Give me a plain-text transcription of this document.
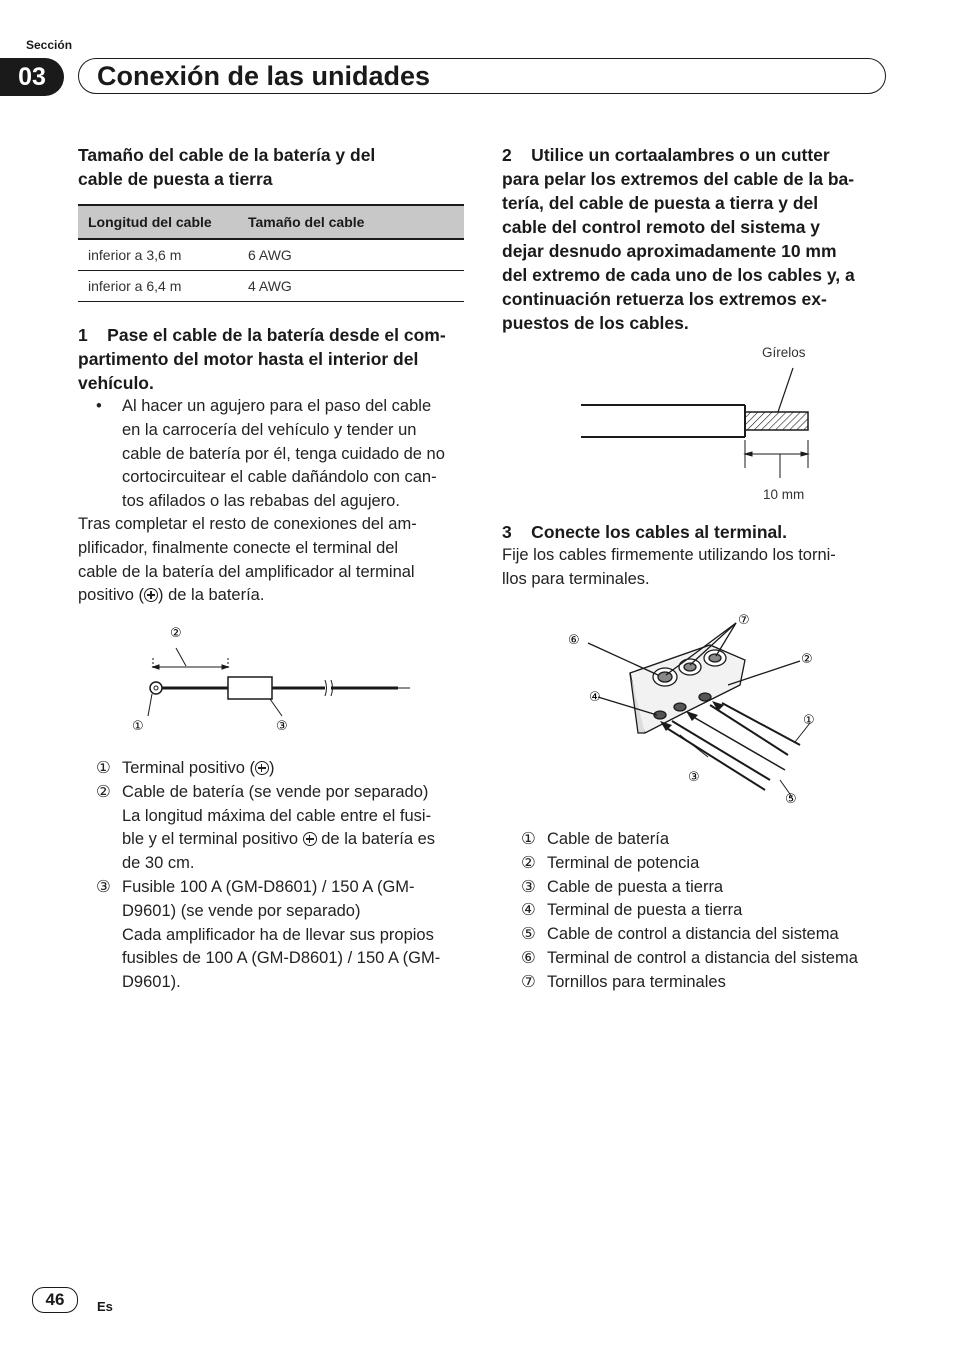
Sección
03	Conexión de las unidades
Tamaño del cable de la batería y del
cable de puesta a tierra
Longitud del cable	Tamaño del cable
inferior a 3,6 m	6 AWG
inferior a 6,4 m	4 AWG
1    Pase el cable de la batería desde el com-
partimento del motor hasta el interior del
vehículo.
•	Al hacer un agujero para el paso del cable
en la carrocería del vehículo y tender un
cable de batería por él, tenga cuidado de no
cortocircuitear el cable dañándolo con can-
tos afilados o las rebabas del agujero.
Tras completar el resto de conexiones del am-
plificador, finalmente conecte el terminal del
cable de la batería del amplificador al terminal
positivo ( ) de la batería.
②
①	③
① Terminal positivo ( )
② Cable de batería (se vende por separado)
La longitud máxima del cable entre el fusi-
ble y el terminal positivo  de la batería es
de 30 cm.
③ Fusible 100 A (GM-D8601) / 150 A (GM-
D9601) (se vende por separado)
Cada amplificador ha de llevar sus propios
fusibles de 100 A (GM-D8601) / 150 A (GM-
D9601).
2    Utilice un cortaalambres o un cutter
para pelar los extremos del cable de la ba-
tería, del cable de puesta a tierra y del
cable del control remoto del sistema y
dejar desnudo aproximadamente 10 mm
del extremo de cada uno de los cables y, a
continuación retuerza los extremos ex-
puestos de los cables.
Gírelos
10 mm
3    Conecte los cables al terminal.
Fije los cables firmemente utilizando los torni-
llos para terminales.
⑦
⑥
②
④
①
③
⑤
① Cable de batería
② Terminal de potencia
③ Cable de puesta a tierra
④ Terminal de puesta a tierra
⑤ Cable de control a distancia del sistema
⑥ Terminal de control a distancia del sistema
⑦ Tornillos para terminales
46	Es
